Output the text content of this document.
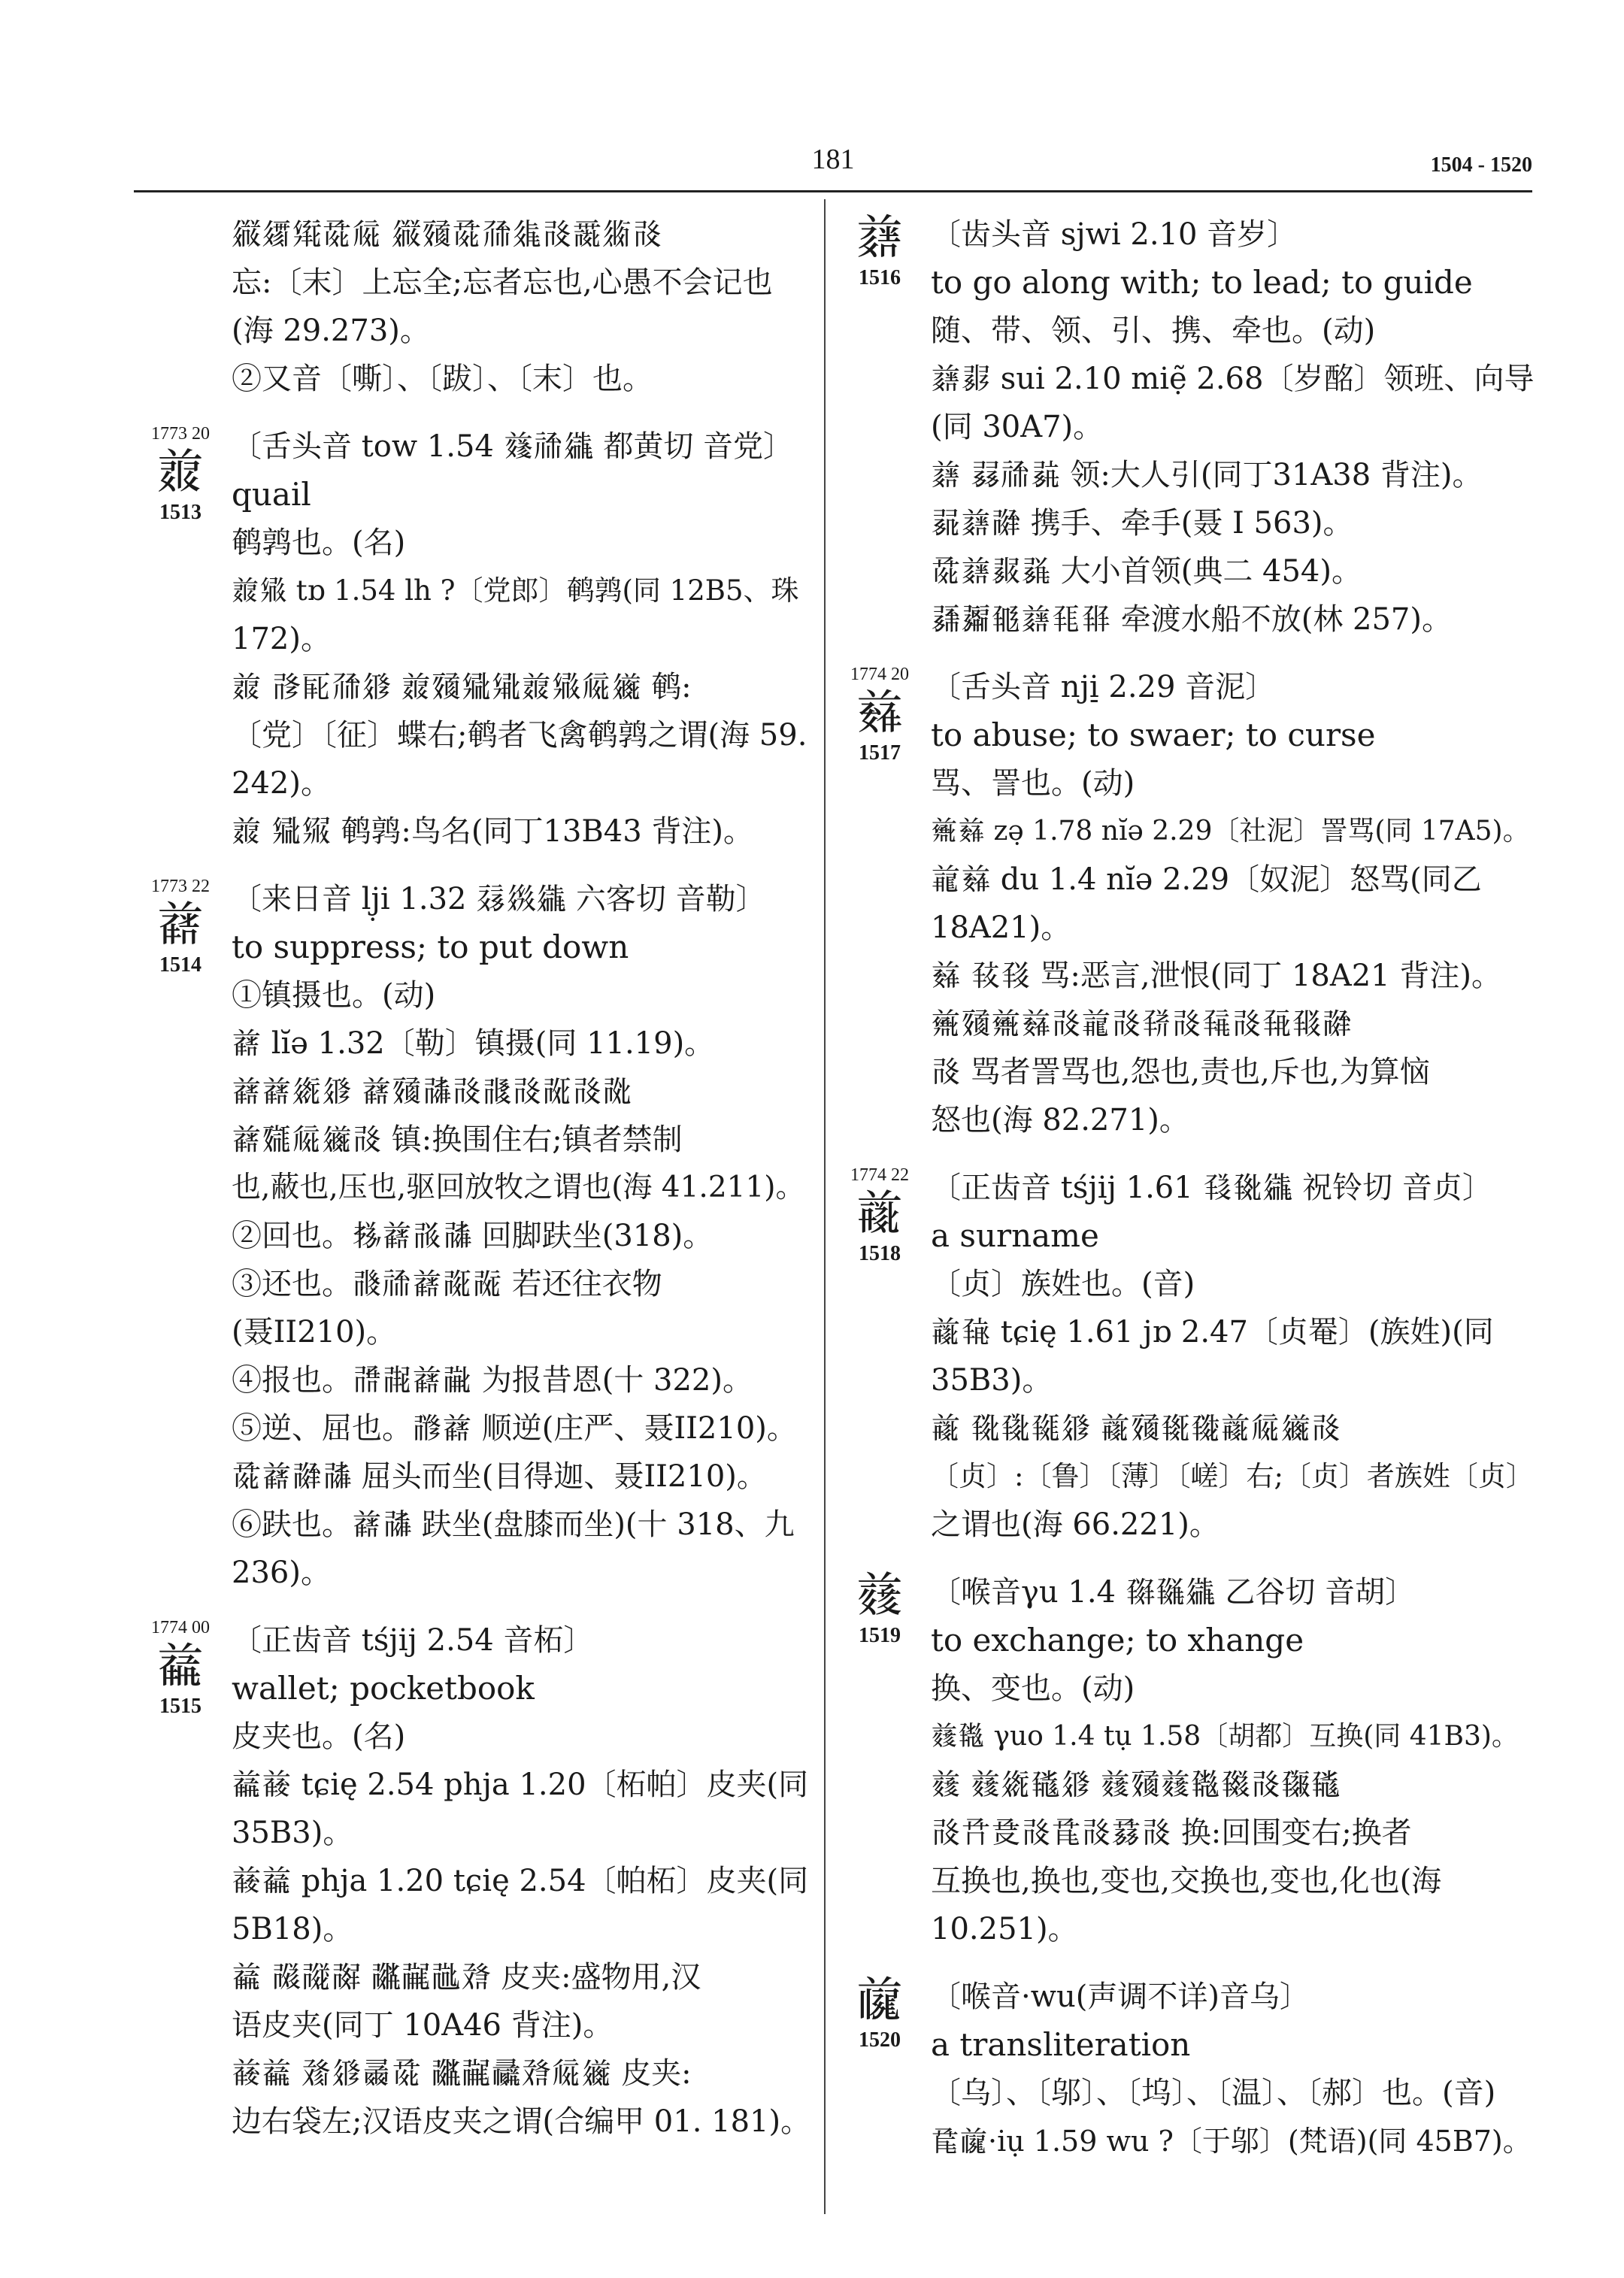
181	1504 - 1520
𗪡𗨻𗋕𗱕𗏁 𗪡𗸰𗱕𗗙𗤉𗰗𗵘𗼖𗰗
忘:〔末〕上忘全;忘者忘也,心愚不会记也
(海 29.273)。
②又音〔嘶〕、〔跋〕、〔末〕也。
1773 20
𗓱
1513
〔舌头音 tow 1.54 𗔁𗘿𗪘 都黄切 音党〕
quail
鹌鹑也。(名)
𗓱𗋒 tɒ 1.54 lh ?〔党郎〕鹌鹑(同 12B5、珠
172)。
𗓱 𗰔𗀄𗗙𗤁 𗓱𗸰𗋐𗋑𗓱𗋒𗏁𗫂 鹌:
〔党〕〔征〕蝶右;鹌者飞禽鹌鹑之谓(海 59.
242)。
𗓱 𗋐𗋔 鹌鹑:鸟名(同丁13B43 背注)。
1773 22
𗓲
1514
〔来日音 lj̣i 1.32 𗡬𗤺𗪘 六客切 音勒〕
to suppress; to put down
①镇摄也。(动)
𗓲 lĭə 1.32〔勒〕镇摄(同 11.19)。
𗓲𗓲𗦵𗤁 𗓲𗸰𗰜𗰗𗰘𗰗𗰙𗰗𗰚
𗓲𗸱𗏁𗫂𗰗 镇:换围住右;镇者禁制
也,蔽也,压也,驱回放牧之谓也(海 41.211)。
②回也。𗈪𗓲𗰛𗰜 回脚趺坐(318)。
③还也。𗰝𗘿𗓲𗰞𗰟 若还往衣物
(聂II210)。
④报也。𗰠𗰡𗓲𗰢 为报昔恩(十 322)。
⑤逆、屈也。𗰣𗓲 顺逆(庄严、聂II210)。
𗱕𗓲𗰤𗰜 屈头而坐(目得迦、聂II210)。
⑥趺也。𗓲𗰜 趺坐(盘膝而坐)(十 318、九
236)。
1774 00
𗓳
1515
〔正齿音 tśjij 2.54 音柘〕
wallet; pocketbook
皮夹也。(名)
𗓳𗓴 tɕię 2.54 phja 1.20〔柘帕〕皮夹(同
35B3)。
𗓴𗓳 phja 1.20 tɕię 2.54〔帕柘〕皮夹(同
5B18)。
𗓳 𗰥𗰦𗰧 𗰨𗰩𗰪𗰫 皮夹:盛物用,汉
语皮夹(同丁 10A46 背注)。
𗓴𗓳 𗰬𗤁𗰭𗱕 𗰨𗰩𗰮𗰫𗏁𗫂 皮夹:
边右袋左;汉语皮夹之谓(合编甲 01. 181)。
𗓵
1516
〔齿头音 sjwi 2.10 音岁〕
to go along with; to lead; to guide
随、带、领、引、携、牵也。(动)
𗓵𗰯 sui 2.10 miẹ̃ 2.68〔岁酩〕领班、向导
(同 30A7)。
𗓵 𗰰𗘿𗰱 领:大人引(同丁31A38 背注)。
𗰲𗓵𗰤 携手、牵手(聂 I 563)。
𗱕𗓵𗰳𗰴 大小首领(典二 454)。
𗰵𗰶𗰷𗓵𗰸𗰹 牵渡水船不放(林 257)。
1774 20
𗓶
1517
〔舌头音 nji̠ 2.29 音泥〕
to abuse; to swaer; to curse
骂、詈也。(动)
𗓷𗓶 zə̣ 1.78 nĭə 2.29〔社泥〕詈骂(同 17A5)。
𗓸𗓶 du 1.4 nĭə 2.29〔奴泥〕怒骂(同乙
18A21)。
𗓶 𗰺𗰻 骂:恶言,泄恨(同丁 18A21 背注)。
𗓷𗸰𗓷𗓶𗰗𗓸𗰗𗰼𗰗𗰽𗰗𗰾𗰿𗰤
𗰗 骂者詈骂也,怨也,责也,斥也,为算恼
怒也(海 82.271)。
1774 22
𗓹
1518
〔正齿音 tśjij 1.61 𗱀𗱁𗪘 祝铃切 音贞〕
a surname
〔贞〕族姓也。(音)
𗓹𗱂 tɕię 1.61 jɒ 2.47〔贞罨〕(族姓)(同
35B3)。
𗓹 𗱃𗱄𗱅𗤁 𗓹𗸰𗱆𗱇𗓹𗏁𗫂𗰗
〔贞〕:〔鲁〕〔薄〕〔嵯〕右;〔贞〕者族姓〔贞〕
之谓也(海 66.221)。
𗓺
1519
〔喉音γu 1.4 𗱈𗱉𗪘 乙谷切 音胡〕
to exchange; to xhange
换、变也。(动)
𗓺𗱊 γuo 1.4 tụ 1.58〔胡都〕互换(同 41B3)。
𗓺 𗓺𗦵𗱋𗤁 𗓺𗸰𗓺𗱊𗱌𗰗𗱍𗱋
𗰗𗱎𗱏𗰗𗱐𗰗𗱑𗰗 换:回围变右;换者
互换也,换也,变也,交换也,变也,化也(海
10.251)。
𗓻
1520
〔喉音·wu(声调不详)音乌〕
a transliteration
〔乌〕、〔邬〕、〔坞〕、〔温〕、〔郝〕也。(音)
𗱒𗓻·iụ 1.59 wu ?〔于邬〕(梵语)(同 45B7)。
